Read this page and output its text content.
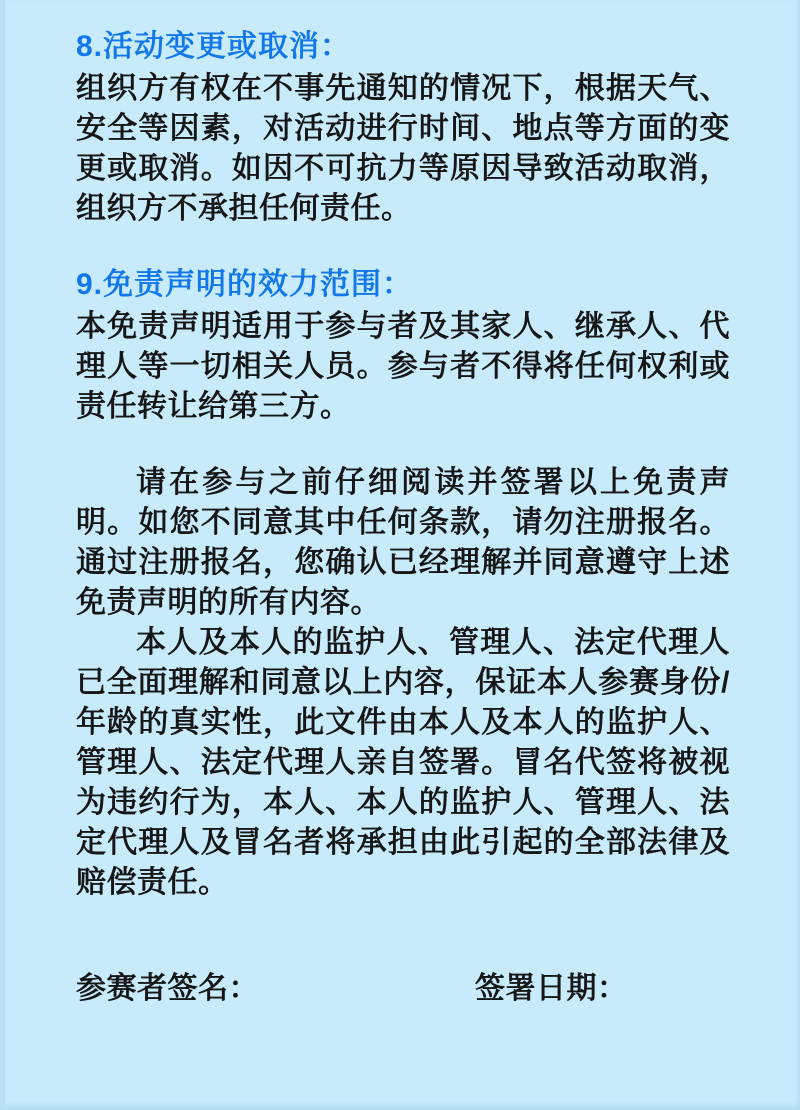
8.活动变更或取消：

组织方有权在不事先通知的情况下，根据天气、安全等因素，对活动进行时间、地点等方面的变更或取消。如因不可抗力等原因导致活动取消，组织方不承担任何责任。

9.免责声明的效力范围：

本免责声明适用于参与者及其家人、继承人、代理人等一切相关人员。参与者不得将任何权利或责任转让给第三方。

请在参与之前仔细阅读并签署以上免责声明。如您不同意其中任何条款，请勿注册报名。通过注册报名，您确认已经理解并同意遵守上述免责声明的所有内容。

本人及本人的监护人、管理人、法定代理人已全面理解和同意以上内容，保证本人参赛身份/年龄的真实性，此文件由本人及本人的监护人、管理人、法定代理人亲自签署。冒名代签将被视为违约行为，本人、本人的监护人、管理人、法定代理人及冒名者将承担由此引起的全部法律及赔偿责任。

参赛者签名：	签署日期：
